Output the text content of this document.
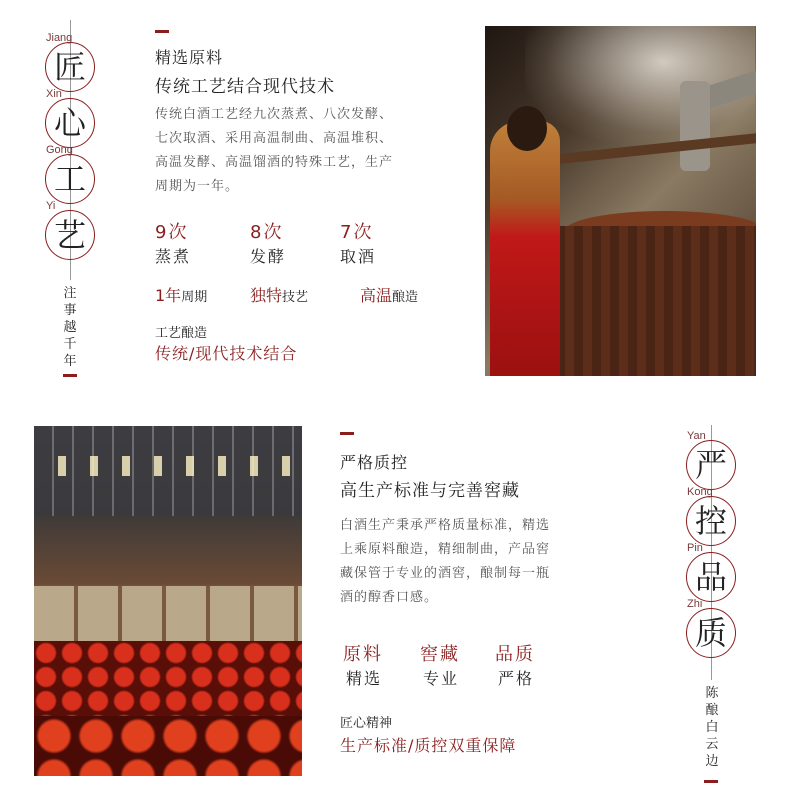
Jiang
匠
Xin
心
Gong
工
Yi
艺
注事越千年
精选原料
传统工艺结合现代技术
传统白酒工艺经九次蒸煮、八次发酵、
七次取酒、采用高温制曲、高温堆积、
高温发酵、高温馏酒的特殊工艺，生产
周期为一年。
9次
蒸煮
8次
发酵
7次
取酒
1年周期	独特技艺	高温酿造
工艺酿造
传统/现代技术结合
严格质控
高生产标准与完善窖藏
白酒生产秉承严格质量标准，精选
上乘原料酿造，精细制曲，产品窖
藏保管于专业的酒窖，酿制每一瓶
酒的醇香口感。
原料
精选
窖藏
专业
品质
严格
匠心精神
生产标准/质控双重保障
Yan
严
Kong
控
Pin
品
Zhi
质
陈酿白云边
